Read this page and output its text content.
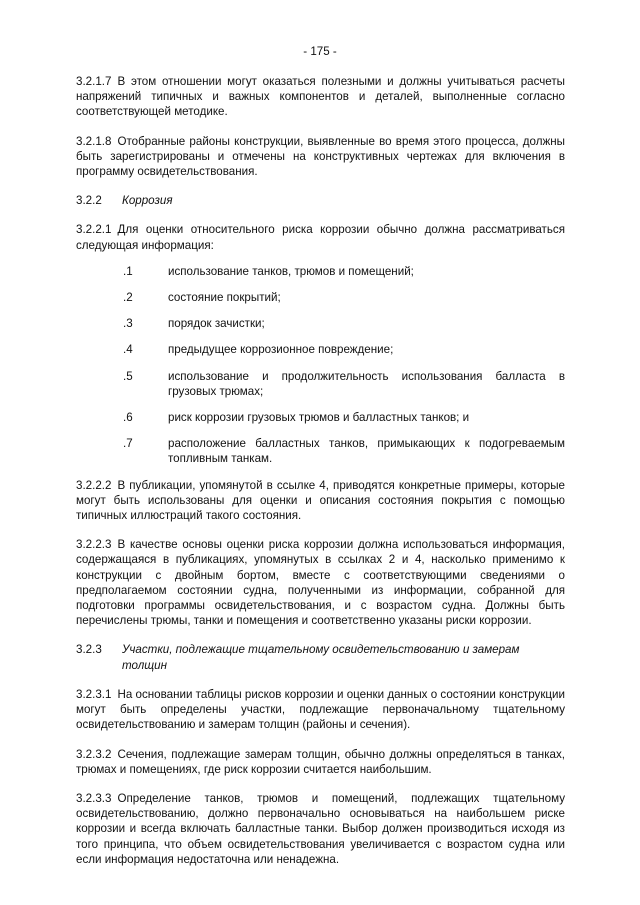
- 175 -

3.2.1.7 В этом отношении могут оказаться полезными и должны учитываться расчеты напряжений типичных и важных компонентов и деталей, выполненные согласно соответствующей методике.

3.2.1.8 Отобранные районы конструкции, выявленные во время этого процесса, должны быть зарегистрированы и отмечены на конструктивных чертежах для включения в программу освидетельствования.

3.2.2	Коррозия

3.2.2.1 Для оценки относительного риска коррозии обычно должна рассматриваться следующая информация:

.1	использование танков, трюмов и помещений;
.2	состояние покрытий;
.3	порядок зачистки;
.4	предыдущее коррозионное повреждение;
.5	использование и продолжительность использования балласта в грузовых трюмах;
.6	риск коррозии грузовых трюмов и балластных танков; и
.7	расположение балластных танков, примыкающих к подогреваемым топливным танкам.

3.2.2.2 В публикации, упомянутой в ссылке 4, приводятся конкретные примеры, которые могут быть использованы для оценки и описания состояния покрытия с помощью типичных иллюстраций такого состояния.

3.2.2.3 В качестве основы оценки риска коррозии должна использоваться информация, содержащаяся в публикациях, упомянутых в ссылках 2 и 4, насколько применимо к конструкции с двойным бортом, вместе с соответствующими сведениями о предполагаемом состоянии судна, полученными из информации, собранной для подготовки программы освидетельствования, и с возрастом судна. Должны быть перечислены трюмы, танки и помещения и соответственно указаны риски коррозии.

3.2.3	Участки, подлежащие тщательному освидетельствованию и замерам толщин

3.2.3.1 На основании таблицы рисков коррозии и оценки данных о состоянии конструкции могут быть определены участки, подлежащие первоначальному тщательному освидетельствованию и замерам толщин (районы и сечения).

3.2.3.2 Сечения, подлежащие замерам толщин, обычно должны определяться в танках, трюмах и помещениях, где риск коррозии считается наибольшим.

3.2.3.3 Определение танков, трюмов и помещений, подлежащих тщательному освидетельствованию, должно первоначально основываться на наибольшем риске коррозии и всегда включать балластные танки. Выбор должен производиться исходя из того принципа, что объем освидетельствования увеличивается с возрастом судна или если информация недостаточна или ненадежна.
